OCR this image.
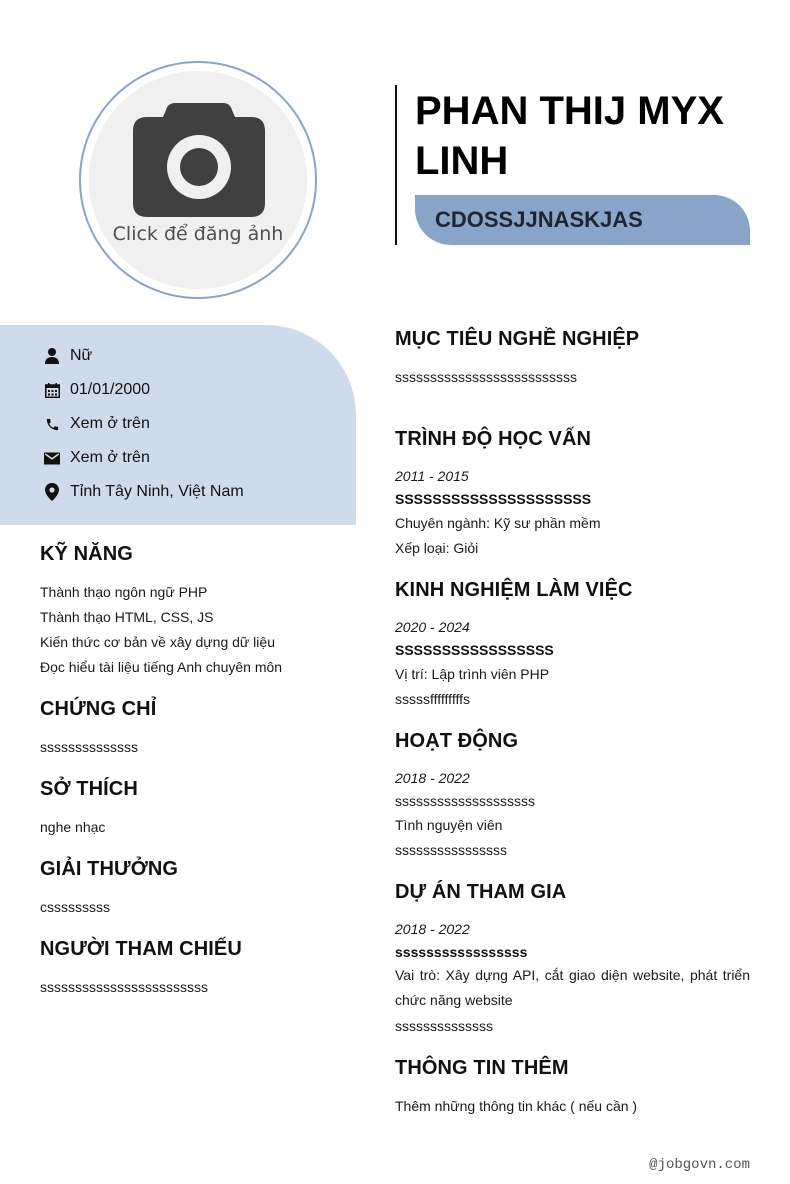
Click để đăng ảnh
PHAN THIJ MYX LINH
CDOSSJJNASKJAS
Nữ
01/01/2000
Xem ở trên
Xem ở trên
Tỉnh Tây Ninh, Việt Nam
KỸ NĂNG
Thành thạo ngôn ngữ PHP
Thành thạo HTML, CSS, JS
Kiến thức cơ bản về xây dựng dữ liệu
Đọc hiểu tài liệu tiếng Anh chuyên môn
CHỨNG CHỈ
ssssssssssssss
SỞ THÍCH
nghe nhạc
GIẢI THƯỞNG
csssssssss
NGƯỜI THAM CHIẾU
ssssssssssssssssssssssss
MỤC TIÊU NGHỀ NGHIỆP
ssssssssssssssssssssssssss
TRÌNH ĐỘ HỌC VẤN
2011 - 2015
SSSSSSSSSSSSSSSSSSSSS
Chuyên ngành: Kỹ sư phần mềm
Xếp loại: Giỏi
KINH NGHIỆM LÀM VIỆC
2020 - 2024
SSSSSSSSSSSSSSSSS
Vị trí: Lập trình viên PHP
sssssfffffffffs
HOẠT ĐỘNG
2018 - 2022
ssssssssssssssssssss
Tình nguyện viên
ssssssssssssssss
DỰ ÁN THAM GIA
2018 - 2022
sssssssssssssssss
Vai trò: Xây dựng API, cắt giao diện website, phát triển chức năng website
ssssssssssssss
THÔNG TIN THÊM
Thêm những thông tin khác ( nếu cần )
@jobgovn.com
